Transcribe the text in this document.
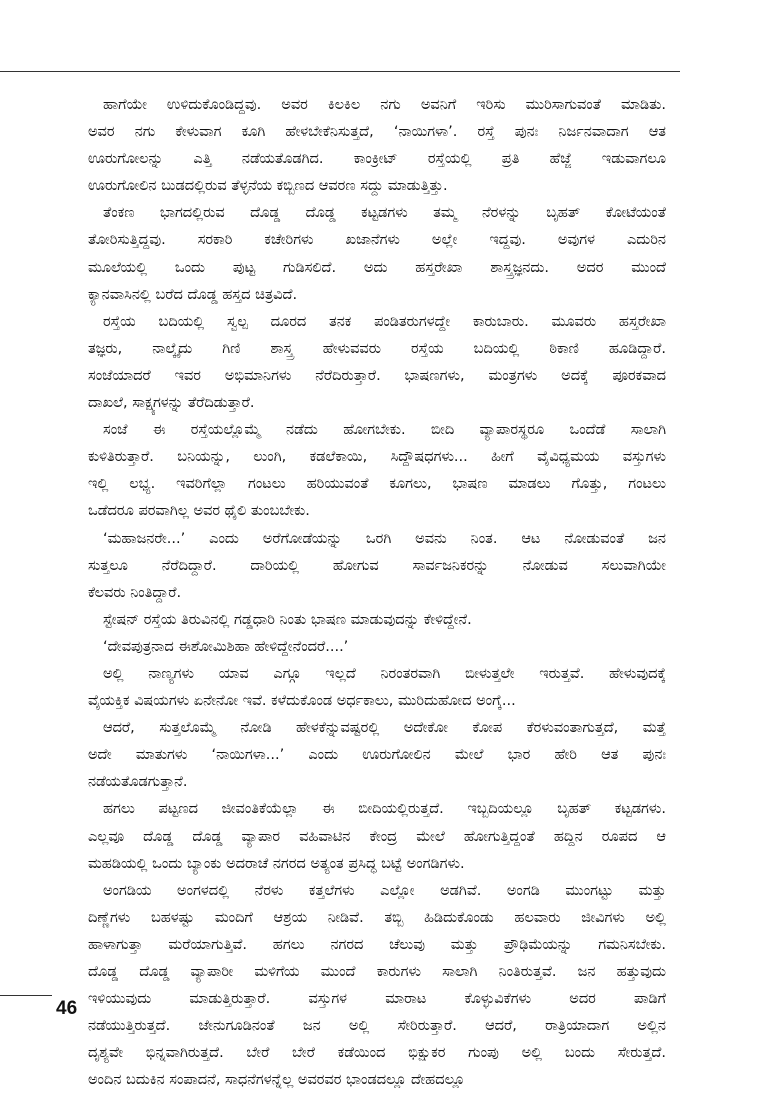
ಹಾಗೆಯೇ ಉಳಿದುಕೊಂಡಿದ್ದವು. ಅವರ ಕಿಲಕಿಲ ನಗು ಅವನಿಗೆ ಇರಿಸು ಮುರಿಸಾಗುವಂತೆ ಮಾಡಿತು.
ಅವರ ನಗು ಕೇಳುವಾಗ ಕೂಗಿ ಹೇಳಬೇಕೆನಿಸುತ್ತದೆ, ‘ನಾಯಿಗಳಾ’. ರಸ್ತೆ ಪುನಃ ನಿರ್ಜನವಾದಾಗ ಆತ
ಊರುಗೋಲನ್ನು ಎತ್ತಿ ನಡೆಯತೊಡಗಿದ. ಕಾಂಕ್ರೀಟ್ ರಸ್ತೆಯಲ್ಲಿ ಪ್ರತಿ ಹೆಜ್ಜೆ ಇಡುವಾಗಲೂ
ಊರುಗೋಲಿನ ಬುಡದಲ್ಲಿರುವ ತೆಳ್ಳನೆಯ ಕಬ್ಬಿಣದ ಆವರಣ ಸದ್ದು ಮಾಡುತ್ತಿತ್ತು.
ತೆಂಕಣ ಭಾಗದಲ್ಲಿರುವ ದೊಡ್ಡ ದೊಡ್ಡ ಕಟ್ಟಡಗಳು ತಮ್ಮ ನೆರಳನ್ನು ಬೃಹತ್ ಕೋಟೆಯಂತೆ
ತೋರಿಸುತ್ತಿದ್ದವು. ಸರಕಾರಿ ಕಚೇರಿಗಳು ಖಜಾನೆಗಳು ಅಲ್ಲೇ ಇದ್ದವು. ಅವುಗಳ ಎದುರಿನ
ಮೂಲೆಯಲ್ಲಿ ಒಂದು ಪುಟ್ಟ ಗುಡಿಸಲಿದೆ. ಅದು ಹಸ್ತರೇಖಾ ಶಾಸ್ತ್ರಜ್ಞನದು. ಅದರ ಮುಂದೆ
ಕ್ಯಾನವಾಸಿನಲ್ಲಿ ಬರೆದ ದೊಡ್ಡ ಹಸ್ತದ ಚಿತ್ರವಿದೆ.
ರಸ್ತೆಯ ಬದಿಯಲ್ಲಿ ಸ್ವಲ್ಪ ದೂರದ ತನಕ ಪಂಡಿತರುಗಳದ್ದೇ ಕಾರುಬಾರು. ಮೂವರು ಹಸ್ತರೇಖಾ
ತಜ್ಞರು, ನಾಲ್ಕೈದು ಗಿಣಿ ಶಾಸ್ತ್ರ ಹೇಳುವವರು ರಸ್ತೆಯ ಬದಿಯಲ್ಲಿ ಠಿಕಾಣಿ ಹೂಡಿದ್ದಾರೆ.
ಸಂಜೆಯಾದರೆ ಇವರ ಅಭಿಮಾನಿಗಳು ನೆರೆದಿರುತ್ತಾರೆ. ಭಾಷಣಗಳು, ಮಂತ್ರಗಳು ಅದಕ್ಕೆ ಪೂರಕವಾದ
ದಾಖಲೆ, ಸಾಕ್ಷ್ಯಗಳನ್ನು ತೆರೆದಿಡುತ್ತಾರೆ.
ಸಂಜೆ ಈ ರಸ್ತೆಯಲ್ಲೊಮ್ಮೆ ನಡೆದು ಹೋಗಬೇಕು. ಬೀದಿ ವ್ಯಾಪಾರಸ್ಥರೂ ಒಂದೆಡೆ ಸಾಲಾಗಿ
ಕುಳಿತಿರುತ್ತಾರೆ. ಬನಿಯನ್ನು, ಲುಂಗಿ, ಕಡಲೆಕಾಯಿ, ಸಿದ್ದೌಷಧಗಳು... ಹೀಗೆ ವೈವಿಧ್ಯಮಯ ವಸ್ತುಗಳು
ಇಲ್ಲಿ ಲಭ್ಯ. ಇವರಿಗೆಲ್ಲಾ ಗಂಟಲು ಹರಿಯುವಂತೆ ಕೂಗಲು, ಭಾಷಣ ಮಾಡಲು ಗೊತ್ತು, ಗಂಟಲು
ಒಡೆದರೂ ಪರವಾಗಿಲ್ಲ ಅವರ ಥೈಲಿ ತುಂಬಬೇಕು.
‘ಮಹಾಜನರೇ...’ ಎಂದು ಅರೆಗೋಡೆಯನ್ನು ಒರಗಿ ಅವನು ನಿಂತ. ಆಟ ನೋಡುವಂತೆ ಜನ
ಸುತ್ತಲೂ ನೆರೆದಿದ್ದಾರೆ. ದಾರಿಯಲ್ಲಿ ಹೋಗುವ ಸಾರ್ವಜನಿಕರನ್ನು ನೋಡುವ ಸಲುವಾಗಿಯೇ
ಕೆಲವರು ನಿಂತಿದ್ದಾರೆ.
ಸ್ಟೇಷನ್ ರಸ್ತೆಯ ತಿರುವಿನಲ್ಲಿ ಗಡ್ಡಧಾರಿ ನಿಂತು ಭಾಷಣ ಮಾಡುವುದನ್ನು ಕೇಳಿದ್ದೇನೆ.
‘ದೇವಪುತ್ರನಾದ ಈಶೋಮಿಶಿಹಾ ಹೇಳಿದ್ದೇನೆಂದರೆ....’
ಅಲ್ಲಿ ನಾಣ್ಯಗಳು ಯಾವ ಎಗ್ಗೂ ಇಲ್ಲದೆ ನಿರಂತರವಾಗಿ ಬೀಳುತ್ತಲೇ ಇರುತ್ತವೆ. ಹೇಳುವುದಕ್ಕೆ
ವೈಯಕ್ತಿಕ ವಿಷಯಗಳು ಏನೇನೋ ಇವೆ. ಕಳೆದುಕೊಂಡ ಅರ್ಧಕಾಲು, ಮುರಿದುಹೋದ ಅಂಗ್ಕೆ...
ಆದರೆ, ಸುತ್ತಲೊಮ್ಮೆ ನೋಡಿ ಹೇಳಕೆನ್ನುವಷ್ಟರಲ್ಲಿ ಅದೇಕೋ ಕೋಪ ಕೆರಳುವಂತಾಗುತ್ತದೆ, ಮತ್ತೆ
ಅದೇ ಮಾತುಗಳು ‘ನಾಯಿಗಳಾ...’ ಎಂದು ಊರುಗೋಲಿನ ಮೇಲೆ ಭಾರ ಹೇರಿ ಆತ ಪುನಃ
ನಡೆಯತೊಡಗುತ್ತಾನೆ.
ಹಗಲು ಪಟ್ಟಣದ ಜೀವಂತಿಕೆಯೆಲ್ಲಾ ಈ ಬೀದಿಯಲ್ಲಿರುತ್ತದೆ. ಇಬ್ಬದಿಯಲ್ಲೂ ಬೃಹತ್ ಕಟ್ಟಡಗಳು.
ಎಲ್ಲವೂ ದೊಡ್ಡ ದೊಡ್ಡ ವ್ಯಾಪಾರ ವಹಿವಾಟಿನ ಕೇಂದ್ರ ಮೇಲೆ ಹೋಗುತ್ತಿದ್ದಂತೆ ಹದ್ದಿನ ರೂಪದ ಆ
ಮಹಡಿಯಲ್ಲಿ ಒಂದು ಬ್ಯಾಂಕು ಅದರಾಚೆ ನಗರದ ಅತ್ಯಂತ ಪ್ರಸಿದ್ಧ ಬಟ್ಟೆ ಅಂಗಡಿಗಳು.
ಅಂಗಡಿಯ ಅಂಗಳದಲ್ಲಿ ನೆರಳು ಕತ್ತಲೆಗಳು ಎಲ್ಲೋ ಅಡಗಿವೆ. ಅಂಗಡಿ ಮುಂಗಟ್ಟು ಮತ್ತು
ದಿಣ್ಣೆಗಳು ಬಹಳಷ್ಟು ಮಂದಿಗೆ ಆಶ್ರಯ ನೀಡಿವೆ. ತಬ್ಬಿ ಹಿಡಿದುಕೊಂಡು ಹಲವಾರು ಜೀವಿಗಳು ಅಲ್ಲಿ
ಹಾಳಾಗುತ್ತಾ ಮರೆಯಾಗುತ್ತಿವೆ. ಹಗಲು ನಗರದ ಚೆಲುವು ಮತ್ತು ಪ್ರೌಢಿಮೆಯನ್ನು ಗಮನಿಸಬೇಕು.
ದೊಡ್ಡ ದೊಡ್ಡ ವ್ಯಾಪಾರೀ ಮಳಿಗೆಯ ಮುಂದೆ ಕಾರುಗಳು ಸಾಲಾಗಿ ನಿಂತಿರುತ್ತವೆ. ಜನ ಹತ್ತುವುದು
ಇಳಿಯುವುದು ಮಾಡುತ್ತಿರುತ್ತಾರೆ. ವಸ್ತುಗಳ ಮಾರಾಟ ಕೊಳ್ಳುವಿಕೆಗಳು ಅದರ ಪಾಡಿಗೆ
ನಡೆಯುತ್ತಿರುತ್ತದೆ. ಜೇನುಗೂಡಿನಂತೆ ಜನ ಅಲ್ಲಿ ಸೇರಿರುತ್ತಾರೆ. ಆದರೆ, ರಾತ್ರಿಯಾದಾಗ ಅಲ್ಲಿನ
ದೃಶ್ಯವೇ ಭಿನ್ನವಾಗಿರುತ್ತದೆ. ಬೇರೆ ಬೇರೆ ಕಡೆಯಿಂದ ಭಿಕ್ಷುಕರ ಗುಂಪು ಅಲ್ಲಿ ಬಂದು ಸೇರುತ್ತದೆ.
ಅಂದಿನ ಬದುಕಿನ ಸಂಪಾದನೆ, ಸಾಧನೆಗಳನ್ನೆಲ್ಲ ಅವರವರ ಭಾಂಡದಲ್ಲೂ ದೇಹದಲ್ಲೂ
46
